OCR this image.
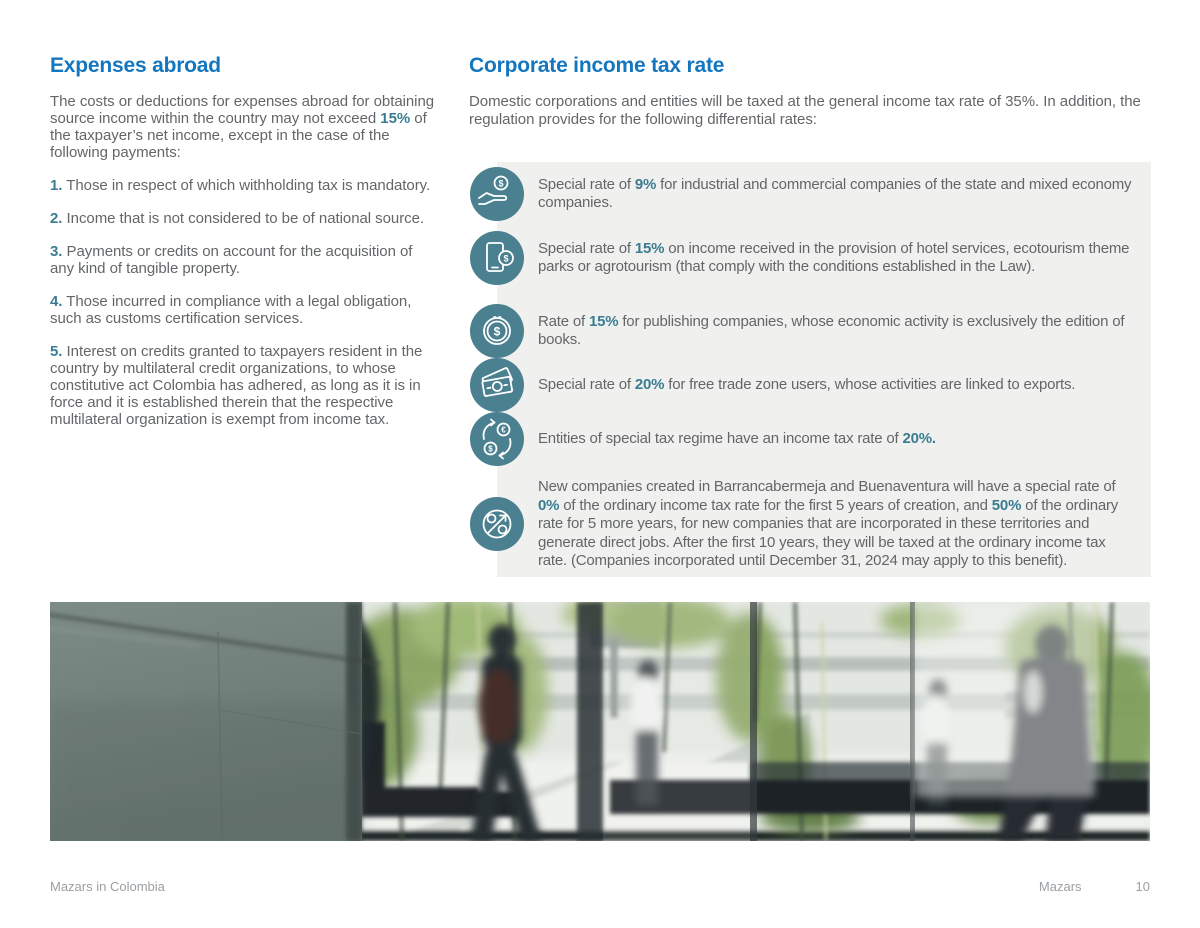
Expenses abroad

The costs or deductions for expenses abroad for obtaining source income within the country may not exceed 15% of the taxpayer’s net income, except in the case of the following payments:

1. Those in respect of which withholding tax is mandatory.

2. Income that is not considered to be of national source.

3. Payments or credits on account for the acquisition of any kind of tangible property.

4. Those incurred in compliance with a legal obligation, such as customs certification services.

5. Interest on credits granted to taxpayers resident in the country by multilateral credit organizations, to whose constitutive act Colombia has adhered, as long as it is in force and it is established therein that the respective multilateral organization is exempt from income tax.

Corporate income tax rate

Domestic corporations and entities will be taxed at the general income tax rate of 35%. In addition, the regulation provides for the following differential rates:

$ Special rate of 9% for industrial and commercial companies of the state and mixed economy companies.
$
Special rate of 15% on income received in the provision of hotel services, ecotourism theme parks or agrotourism (that comply with the conditions established in the Law).
$
Rate of 15% for publishing companies, whose economic activity is exclusively the edition of books.
Special rate of 20% for free trade zone users, whose activities are linked to exports.
€
$
Entities of special tax regime have an income tax rate of 20%.
New companies created in Barrancabermeja and Buenaventura will have a special rate of 0% of the ordinary income tax rate for the first 5 years of creation, and 50% of the ordinary rate for 5 more years, for new companies that are incorporated in these territories and generate direct jobs. After the first 10 years, they will be taxed at the ordinary income tax rate. (Companies incorporated until December 31, 2024 may apply to this benefit).
Mazars in Colombia	Mazars	10
